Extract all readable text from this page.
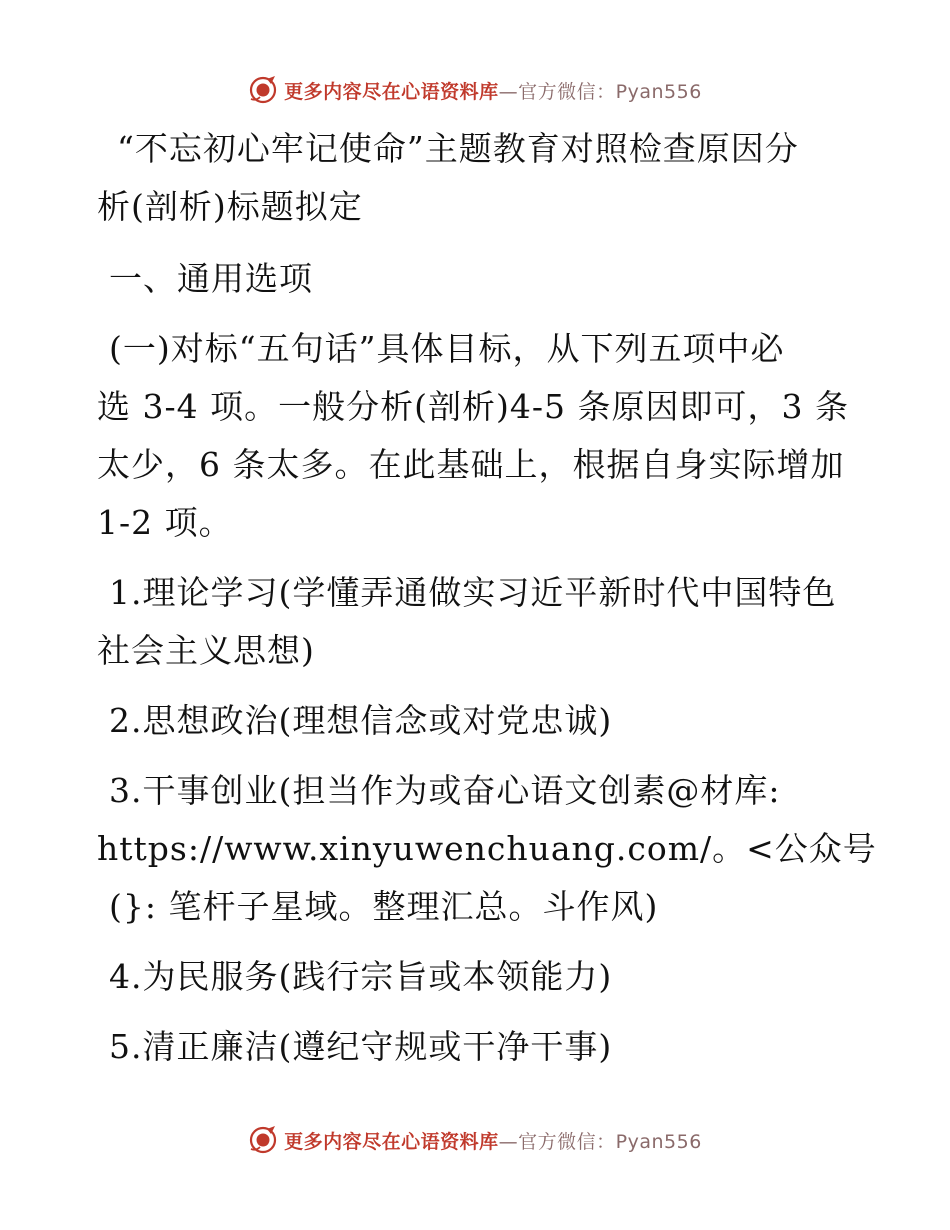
更多内容尽在心语资料库—官方微信：Pyan556
“不忘初心牢记使命”主题教育对照检查原因分
析(剖析)标题拟定
一、通用选项
(一)对标“五句话”具体目标，从下列五项中必
选 3-4 项。一般分析(剖析)4-5 条原因即可，3 条
太少，6 条太多。在此基础上，根据自身实际增加
1-2 项。
1.理论学习(学懂弄通做实习近平新时代中国特色
社会主义思想)
2.思想政治(理想信念或对党忠诚)
3.干事创业(担当作为或奋心语文创素@材库:
https://www.xinyuwenchuang.com/。<公众号
(}: 笔杆子星域。整理汇总。斗作风)
4.为民服务(践行宗旨或本领能力)
5.清正廉洁(遵纪守规或干净干事)
更多内容尽在心语资料库—官方微信：Pyan556
